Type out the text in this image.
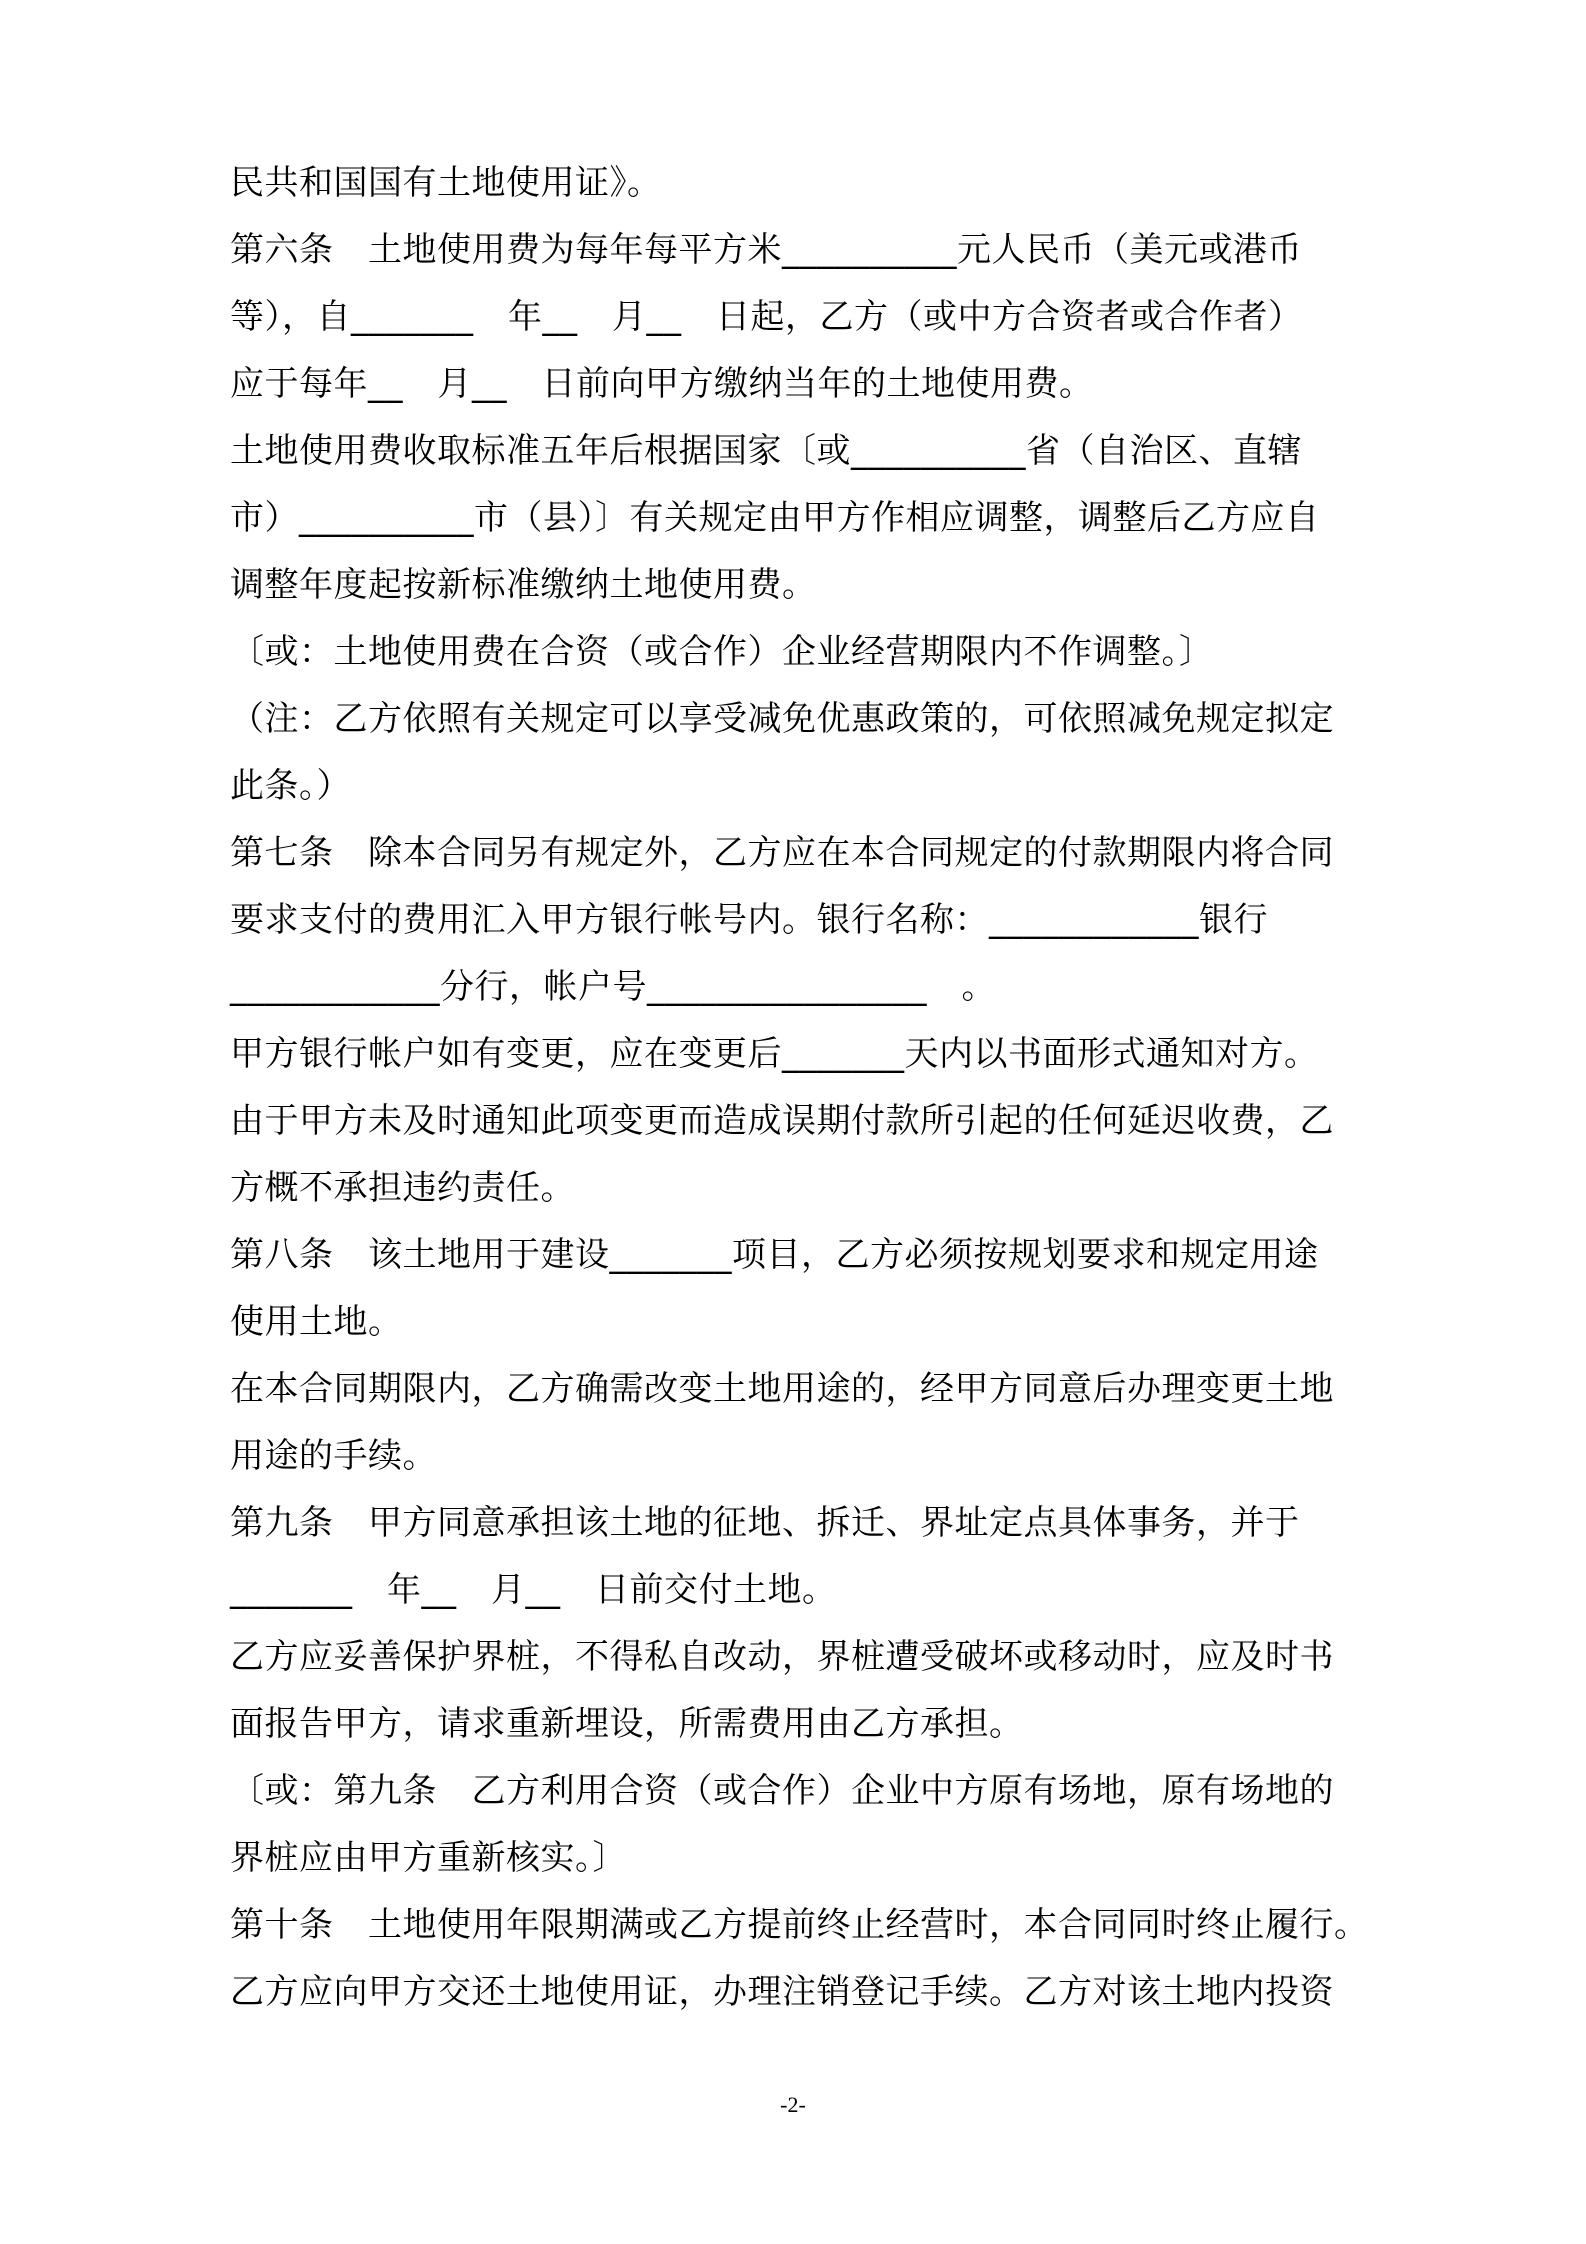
民共和国国有土地使用证》。
第六条　土地使用费为每年每平方米__________元人民币（美元或港币
等），自_______　年__　月__　日起，乙方（或中方合资者或合作者）
应于每年__　月__　日前向甲方缴纳当年的土地使用费。
土地使用费收取标准五年后根据国家〔或__________省（自治区、直辖
市）__________市（县）〕有关规定由甲方作相应调整，调整后乙方应自
调整年度起按新标准缴纳土地使用费。
〔或：土地使用费在合资（或合作）企业经营期限内不作调整。〕
（注：乙方依照有关规定可以享受减免优惠政策的，可依照减免规定拟定
此条。）
第七条　除本合同另有规定外，乙方应在本合同规定的付款期限内将合同
要求支付的费用汇入甲方银行帐号内。银行名称：____________银行
____________分行，帐户号________________　。
甲方银行帐户如有变更，应在变更后_______天内以书面形式通知对方。
由于甲方未及时通知此项变更而造成误期付款所引起的任何延迟收费，乙
方概不承担违约责任。
第八条　该土地用于建设_______项目，乙方必须按规划要求和规定用途
使用土地。
在本合同期限内，乙方确需改变土地用途的，经甲方同意后办理变更土地
用途的手续。
第九条　甲方同意承担该土地的征地、拆迁、界址定点具体事务，并于
_______　年__　月__　日前交付土地。
乙方应妥善保护界桩，不得私自改动，界桩遭受破坏或移动时，应及时书
面报告甲方，请求重新埋设，所需费用由乙方承担。
〔或：第九条　乙方利用合资（或合作）企业中方原有场地，原有场地的
界桩应由甲方重新核实。〕
第十条　土地使用年限期满或乙方提前终止经营时，本合同同时终止履行。
乙方应向甲方交还土地使用证，办理注销登记手续。乙方对该土地内投资
-2-
